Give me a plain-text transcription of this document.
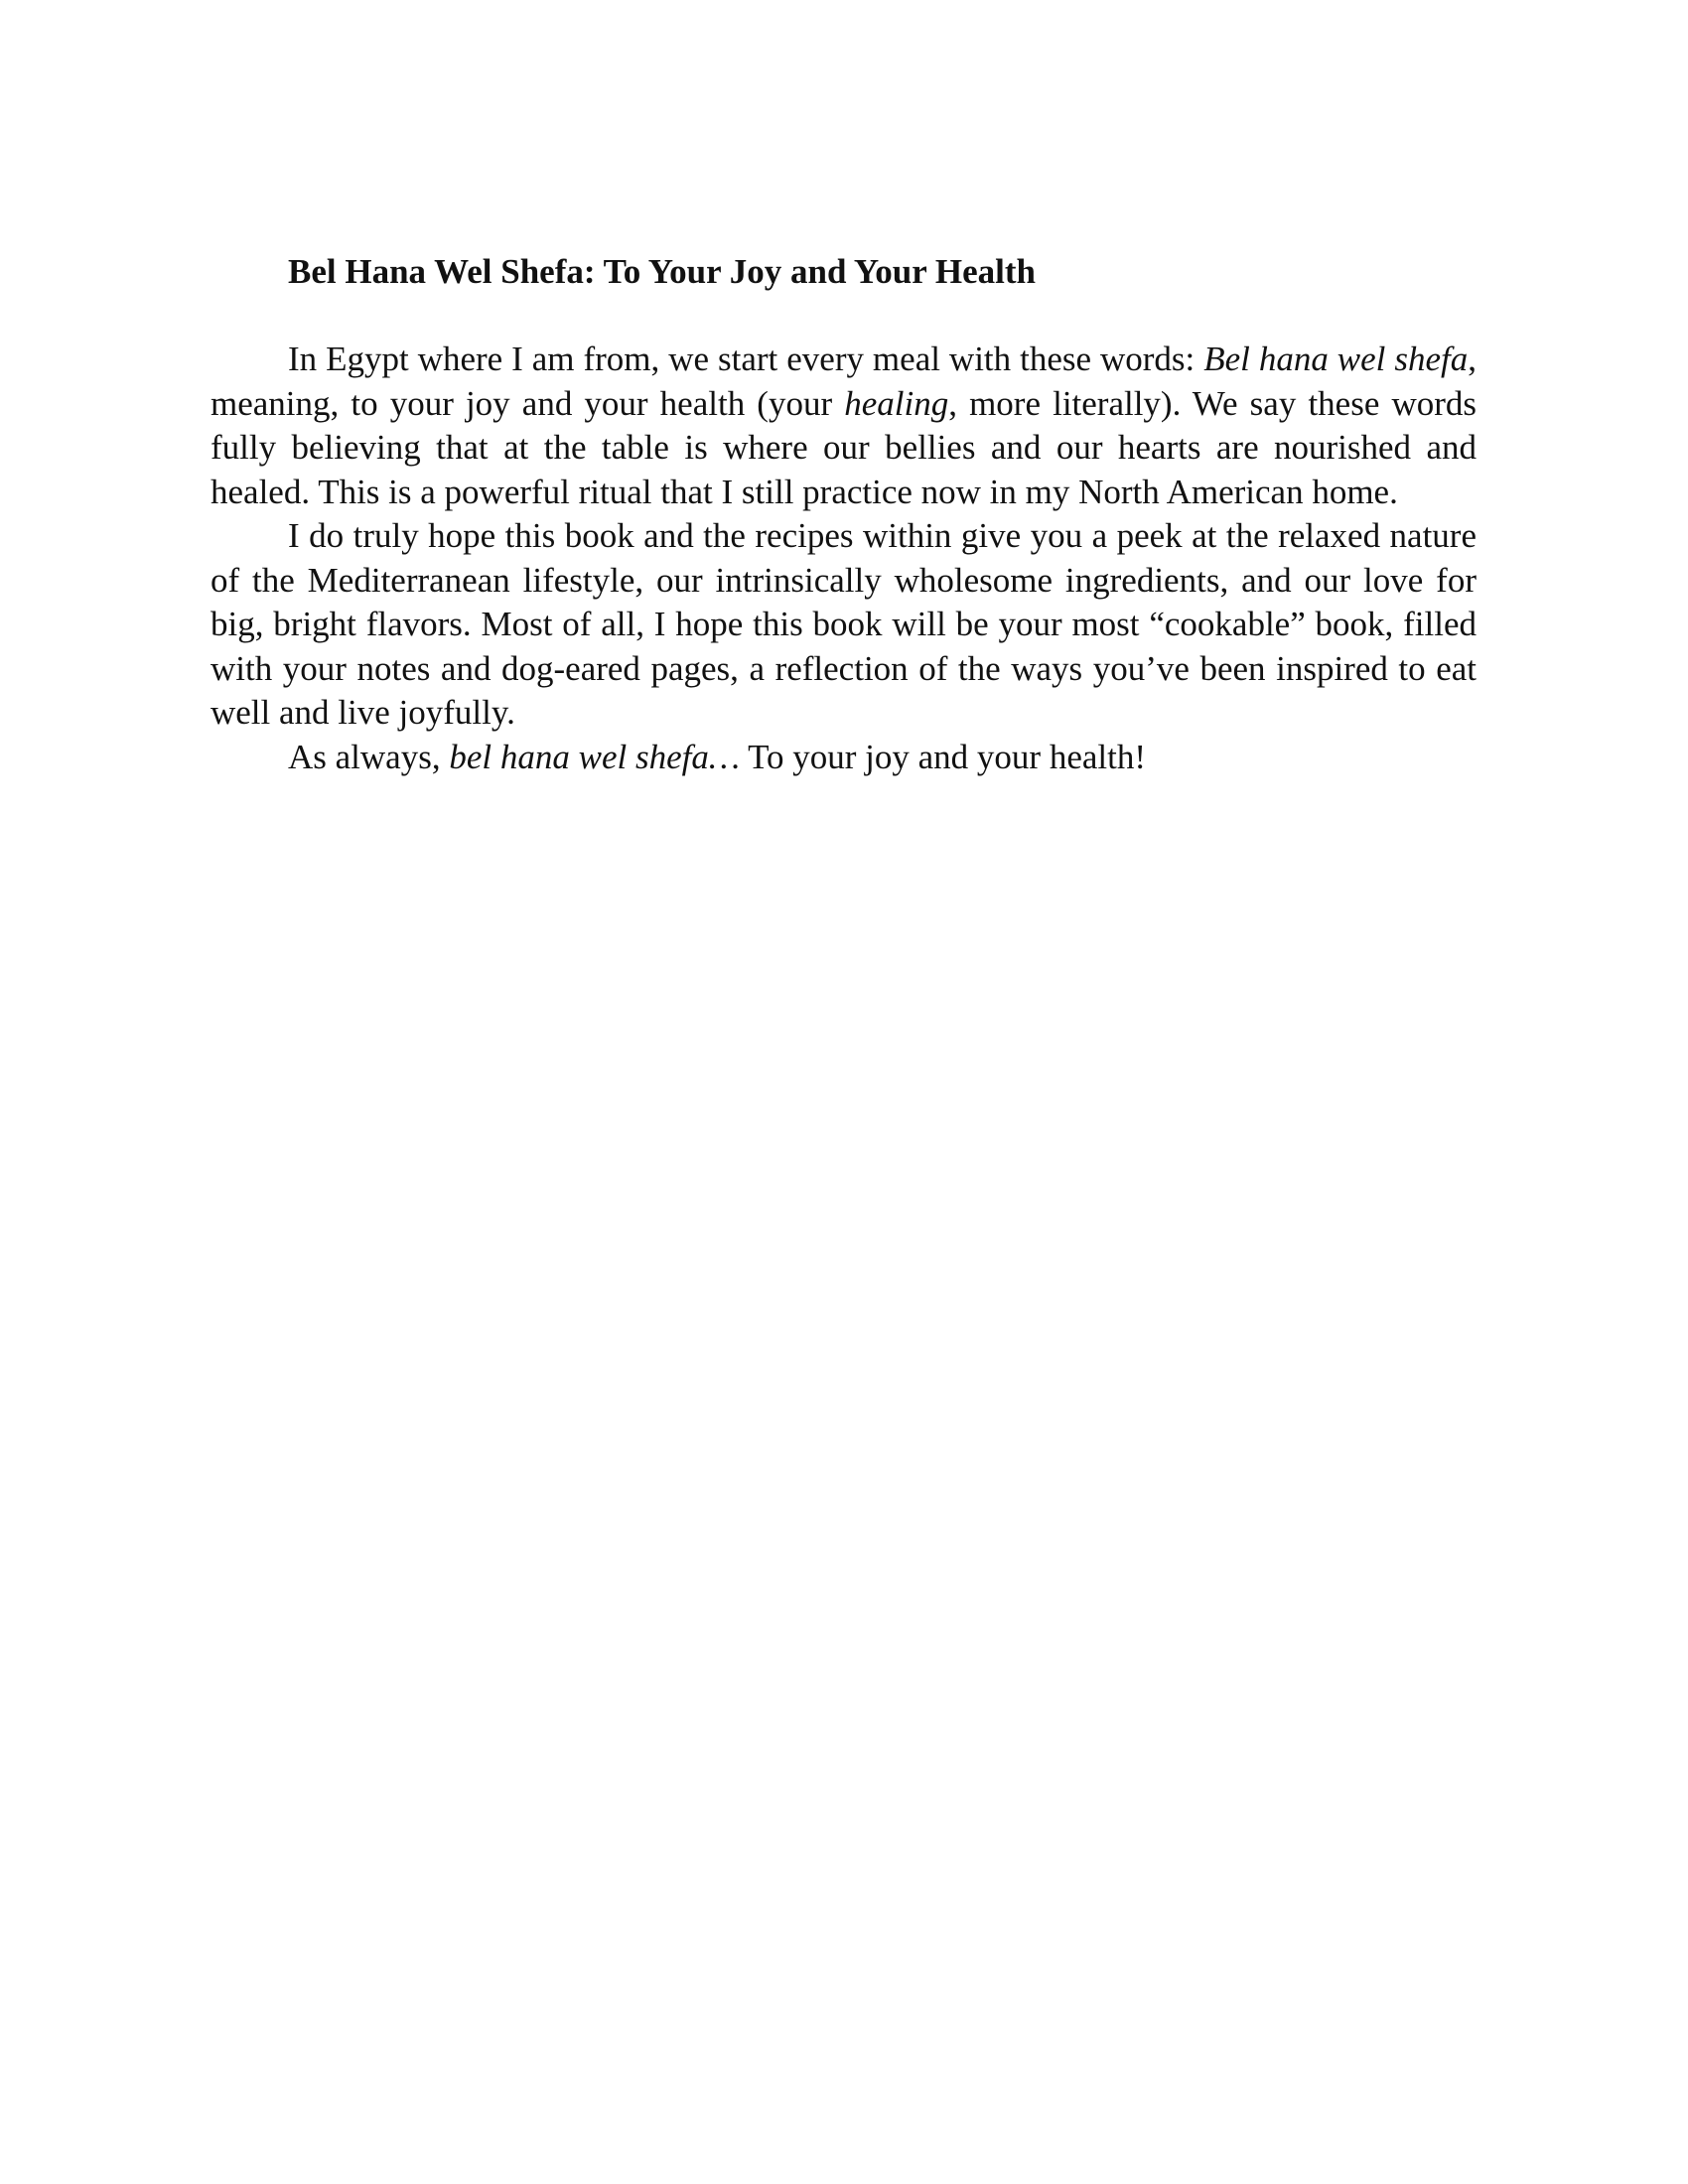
Bel Hana Wel Shefa: To Your Joy and Your Health

In Egypt where I am from, we start every meal with these words: Bel hana wel shefa, meaning, to your joy and your health (your healing, more literally). We say these words fully believing that at the table is where our bellies and our hearts are nourished and healed. This is a powerful ritual that I still practice now in my North American home.

I do truly hope this book and the recipes within give you a peek at the relaxed nature of the Mediterranean lifestyle, our intrinsically wholesome ingredients, and our love for big, bright flavors. Most of all, I hope this book will be your most “cookable” book, filled with your notes and dog-eared pages, a reflection of the ways you’ve been inspired to eat well and live joyfully.

As always, bel hana wel shefa… To your joy and your health!
